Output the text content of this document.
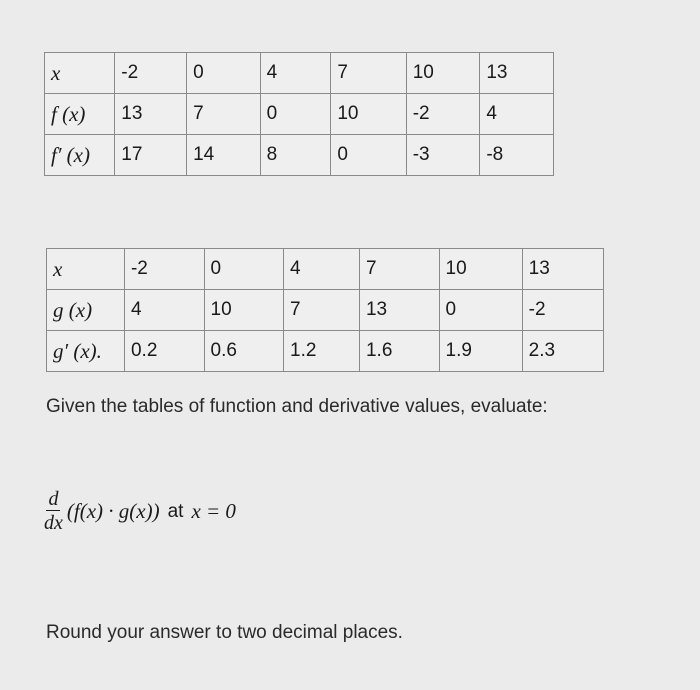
x	-2	0	4	7	10	13
f (x)	13	7	0	10	-2	4
f′ (x)	17	14	8	0	-3	-8
x	-2	0	4	7	10	13
g (x)	4	10	7	13	0	-2
g′ (x).	0.2	0.6	1.2	1.6	1.9	2.3
Given the tables of function and derivative values, evaluate:
$\frac{d}{dx} (f(x) \cdot g(x))$ at x = 0
Round your answer to two decimal places.
